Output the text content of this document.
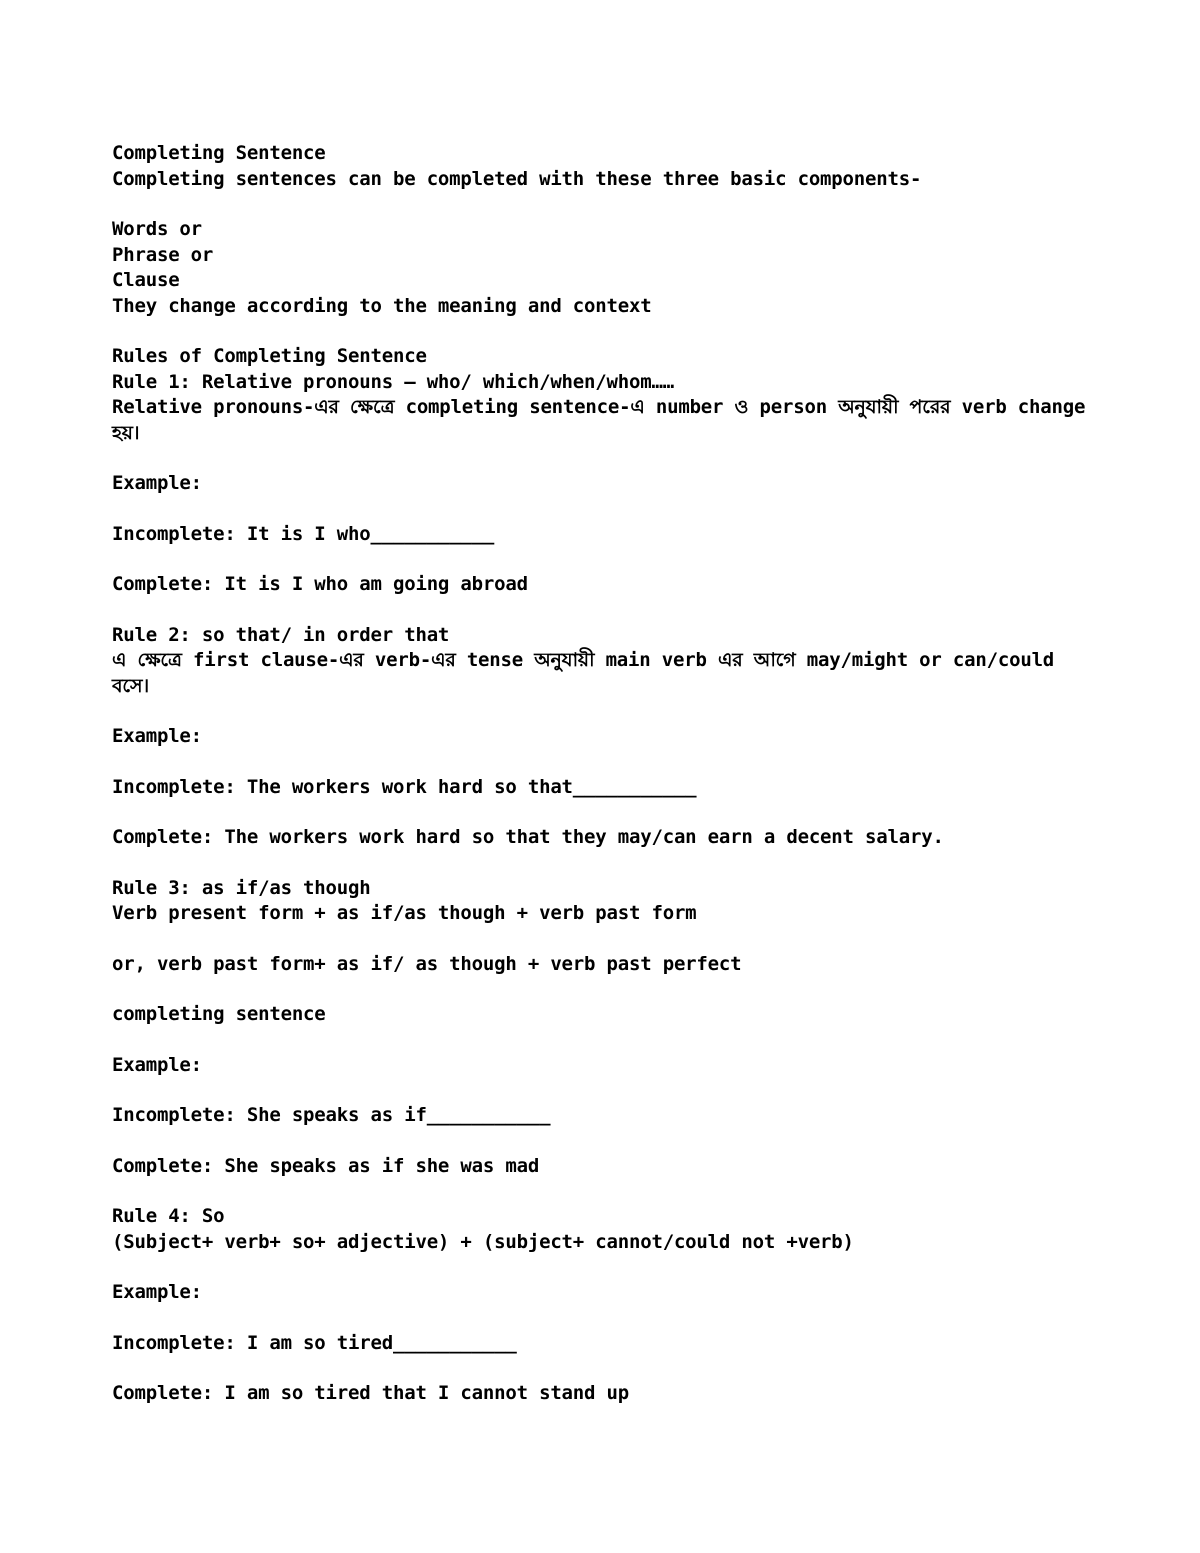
Completing Sentence

Completing sentences can be completed with these three basic components-

Words or

Phrase or

Clause

They change according to the meaning and context

Rules of Completing Sentence

Rule 1: Relative pronouns – who/ which/when/whom……

Relative pronouns-এর ক্ষেত্রে completing sentence-এ number ও person অনুযায়ী পরের verb change হয়।

Example:

Incomplete: It is I who___________

Complete: It is I who am going abroad

Rule 2: so that/ in order that

এ ক্ষেত্রে first clause-এর verb-এর tense অনুযায়ী main verb এর আগে may/might or can/could বসে।

Example:

Incomplete: The workers work hard so that___________

Complete: The workers work hard so that they may/can earn a decent salary.

Rule 3: as if/as though

Verb present form + as if/as though + verb past form

or, verb past form+ as if/ as though + verb past perfect

completing sentence

Example:

Incomplete: She speaks as if___________

Complete: She speaks as if she was mad

Rule 4: So

(Subject+ verb+ so+ adjective) + (subject+ cannot/could not +verb)

Example:

Incomplete: I am so tired___________

Complete: I am so tired that I cannot stand up
